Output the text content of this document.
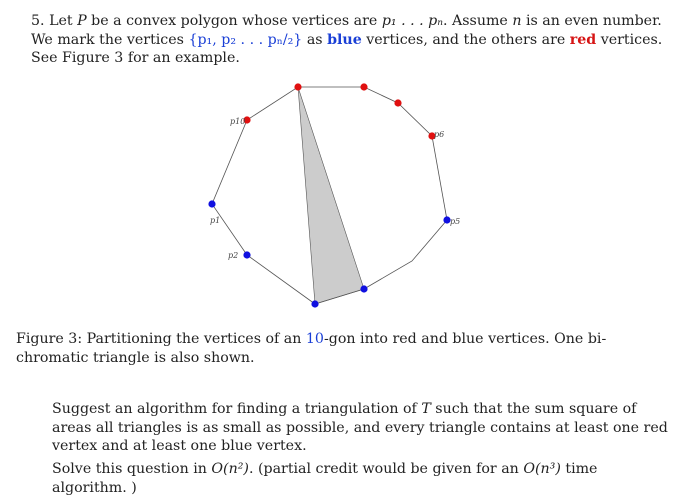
5. Let P be a convex polygon whose vertices are p₁ . . . pₙ. Assume n is an even number. We mark the vertices {p₁, p₂ . . . pₙ/₂} as blue vertices, and the others are red vertices. See Figure 3 for an example.
p10
p6
p5
p1
p2
Figure 3: Partitioning the vertices of an 10-gon into red and blue vertices. One bi-chromatic triangle is also shown.
Suggest an algorithm for finding a triangulation of T such that the sum square of areas all triangles is as small as possible, and every triangle contains at least one red vertex and at least one blue vertex.
Solve this question in O(n²). (partial credit would be given for an O(n³) time algorithm. )
